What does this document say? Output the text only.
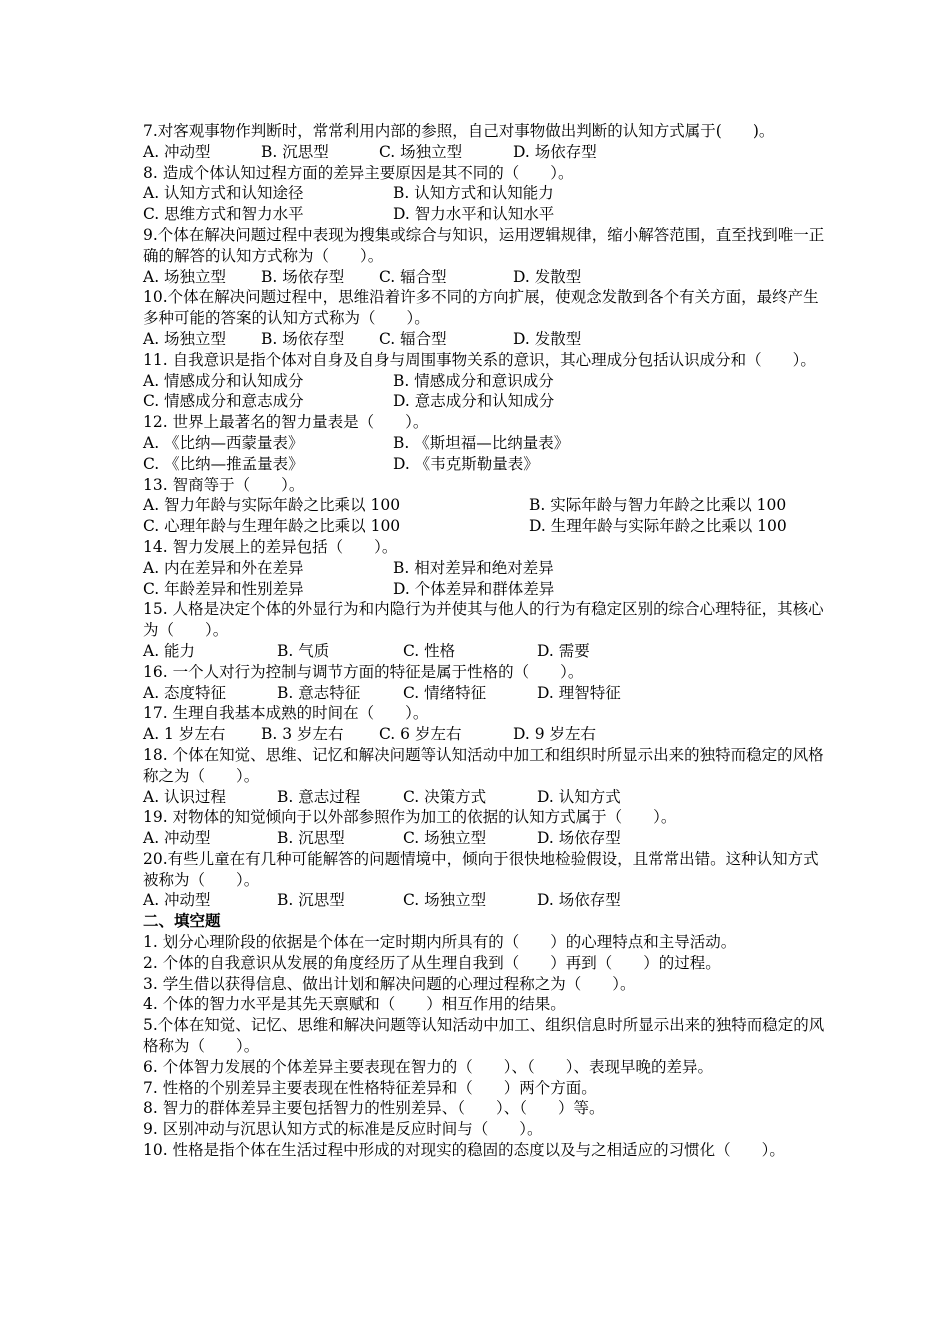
7.对客观事物作判断时，常常利用内部的参照，自己对事物做出判断的认知方式属于(　　)。
A. 冲动型	B. 沉思型	C. 场独立型	D. 场依存型
8. 造成个体认知过程方面的差异主要原因是其不同的（　　）。
A. 认知方式和认知途径	B. 认知方式和认知能力
C. 思维方式和智力水平	D. 智力水平和认知水平
9.个体在解决问题过程中表现为搜集或综合与知识，运用逻辑规律，缩小解答范围，直至找到唯一正确的解答的认知方式称为（　　）。
A. 场独立型	B. 场依存型	C. 辐合型	D. 发散型
10.个体在解决问题过程中，思维沿着许多不同的方向扩展，使观念发散到各个有关方面，最终产生多种可能的答案的认知方式称为（　　）。
A. 场独立型	B. 场依存型	C. 辐合型	D. 发散型
11. 自我意识是指个体对自身及自身与周围事物关系的意识，其心理成分包括认识成分和（　　）。
A. 情感成分和认知成分	B. 情感成分和意识成分
C. 情感成分和意志成分	D. 意志成分和认知成分
12. 世界上最著名的智力量表是（　　）。
A. 《比纳—西蒙量表》	B. 《斯坦福—比纳量表》
C. 《比纳—推孟量表》	D. 《韦克斯勒量表》
13. 智商等于（　　）。
A. 智力年龄与实际年龄之比乘以 100	B. 实际年龄与智力年龄之比乘以 100
C. 心理年龄与生理年龄之比乘以 100	D. 生理年龄与实际年龄之比乘以 100
14. 智力发展上的差异包括（　　）。
A. 内在差异和外在差异	B. 相对差异和绝对差异
C. 年龄差异和性别差异	D. 个体差异和群体差异
15. 人格是决定个体的外显行为和内隐行为并使其与他人的行为有稳定区别的综合心理特征，其核心为（　　）。
A. 能力	B. 气质	C. 性格	D. 需要
16. 一个人对行为控制与调节方面的特征是属于性格的（　　）。
A. 态度特征	B. 意志特征	C. 情绪特征	D. 理智特征
17. 生理自我基本成熟的时间在（　　）。
A. 1 岁左右	B. 3 岁左右	C. 6 岁左右	D. 9 岁左右
18. 个体在知觉、思维、记忆和解决问题等认知活动中加工和组织时所显示出来的独特而稳定的风格称之为（　　）。
A. 认识过程	B. 意志过程	C. 决策方式	D. 认知方式
19. 对物体的知觉倾向于以外部参照作为加工的依据的认知方式属于（　　）。
A. 冲动型	B. 沉思型	C. 场独立型	D. 场依存型
20.有些儿童在有几种可能解答的问题情境中，倾向于很快地检验假设，且常常出错。这种认知方式被称为（　　）。
A. 冲动型	B. 沉思型	C. 场独立型	D. 场依存型
二、填空题
1. 划分心理阶段的依据是个体在一定时期内所具有的（　　）的心理特点和主导活动。
2. 个体的自我意识从发展的角度经历了从生理自我到（　　）再到（　　）的过程。
3. 学生借以获得信息、做出计划和解决问题的心理过程称之为（　　）。
4. 个体的智力水平是其先天禀赋和（　　）相互作用的结果。
5.个体在知觉、记忆、思维和解决问题等认知活动中加工、组织信息时所显示出来的独特而稳定的风格称为（　　）。
6. 个体智力发展的个体差异主要表现在智力的（　　）、（　　）、表现早晚的差异。
7. 性格的个别差异主要表现在性格特征差异和（　　）两个方面。
8. 智力的群体差异主要包括智力的性别差异、（　　）、（　　）等。
9. 区别冲动与沉思认知方式的标准是反应时间与（　　）。
10. 性格是指个体在生活过程中形成的对现实的稳固的态度以及与之相适应的习惯化（　　）。
